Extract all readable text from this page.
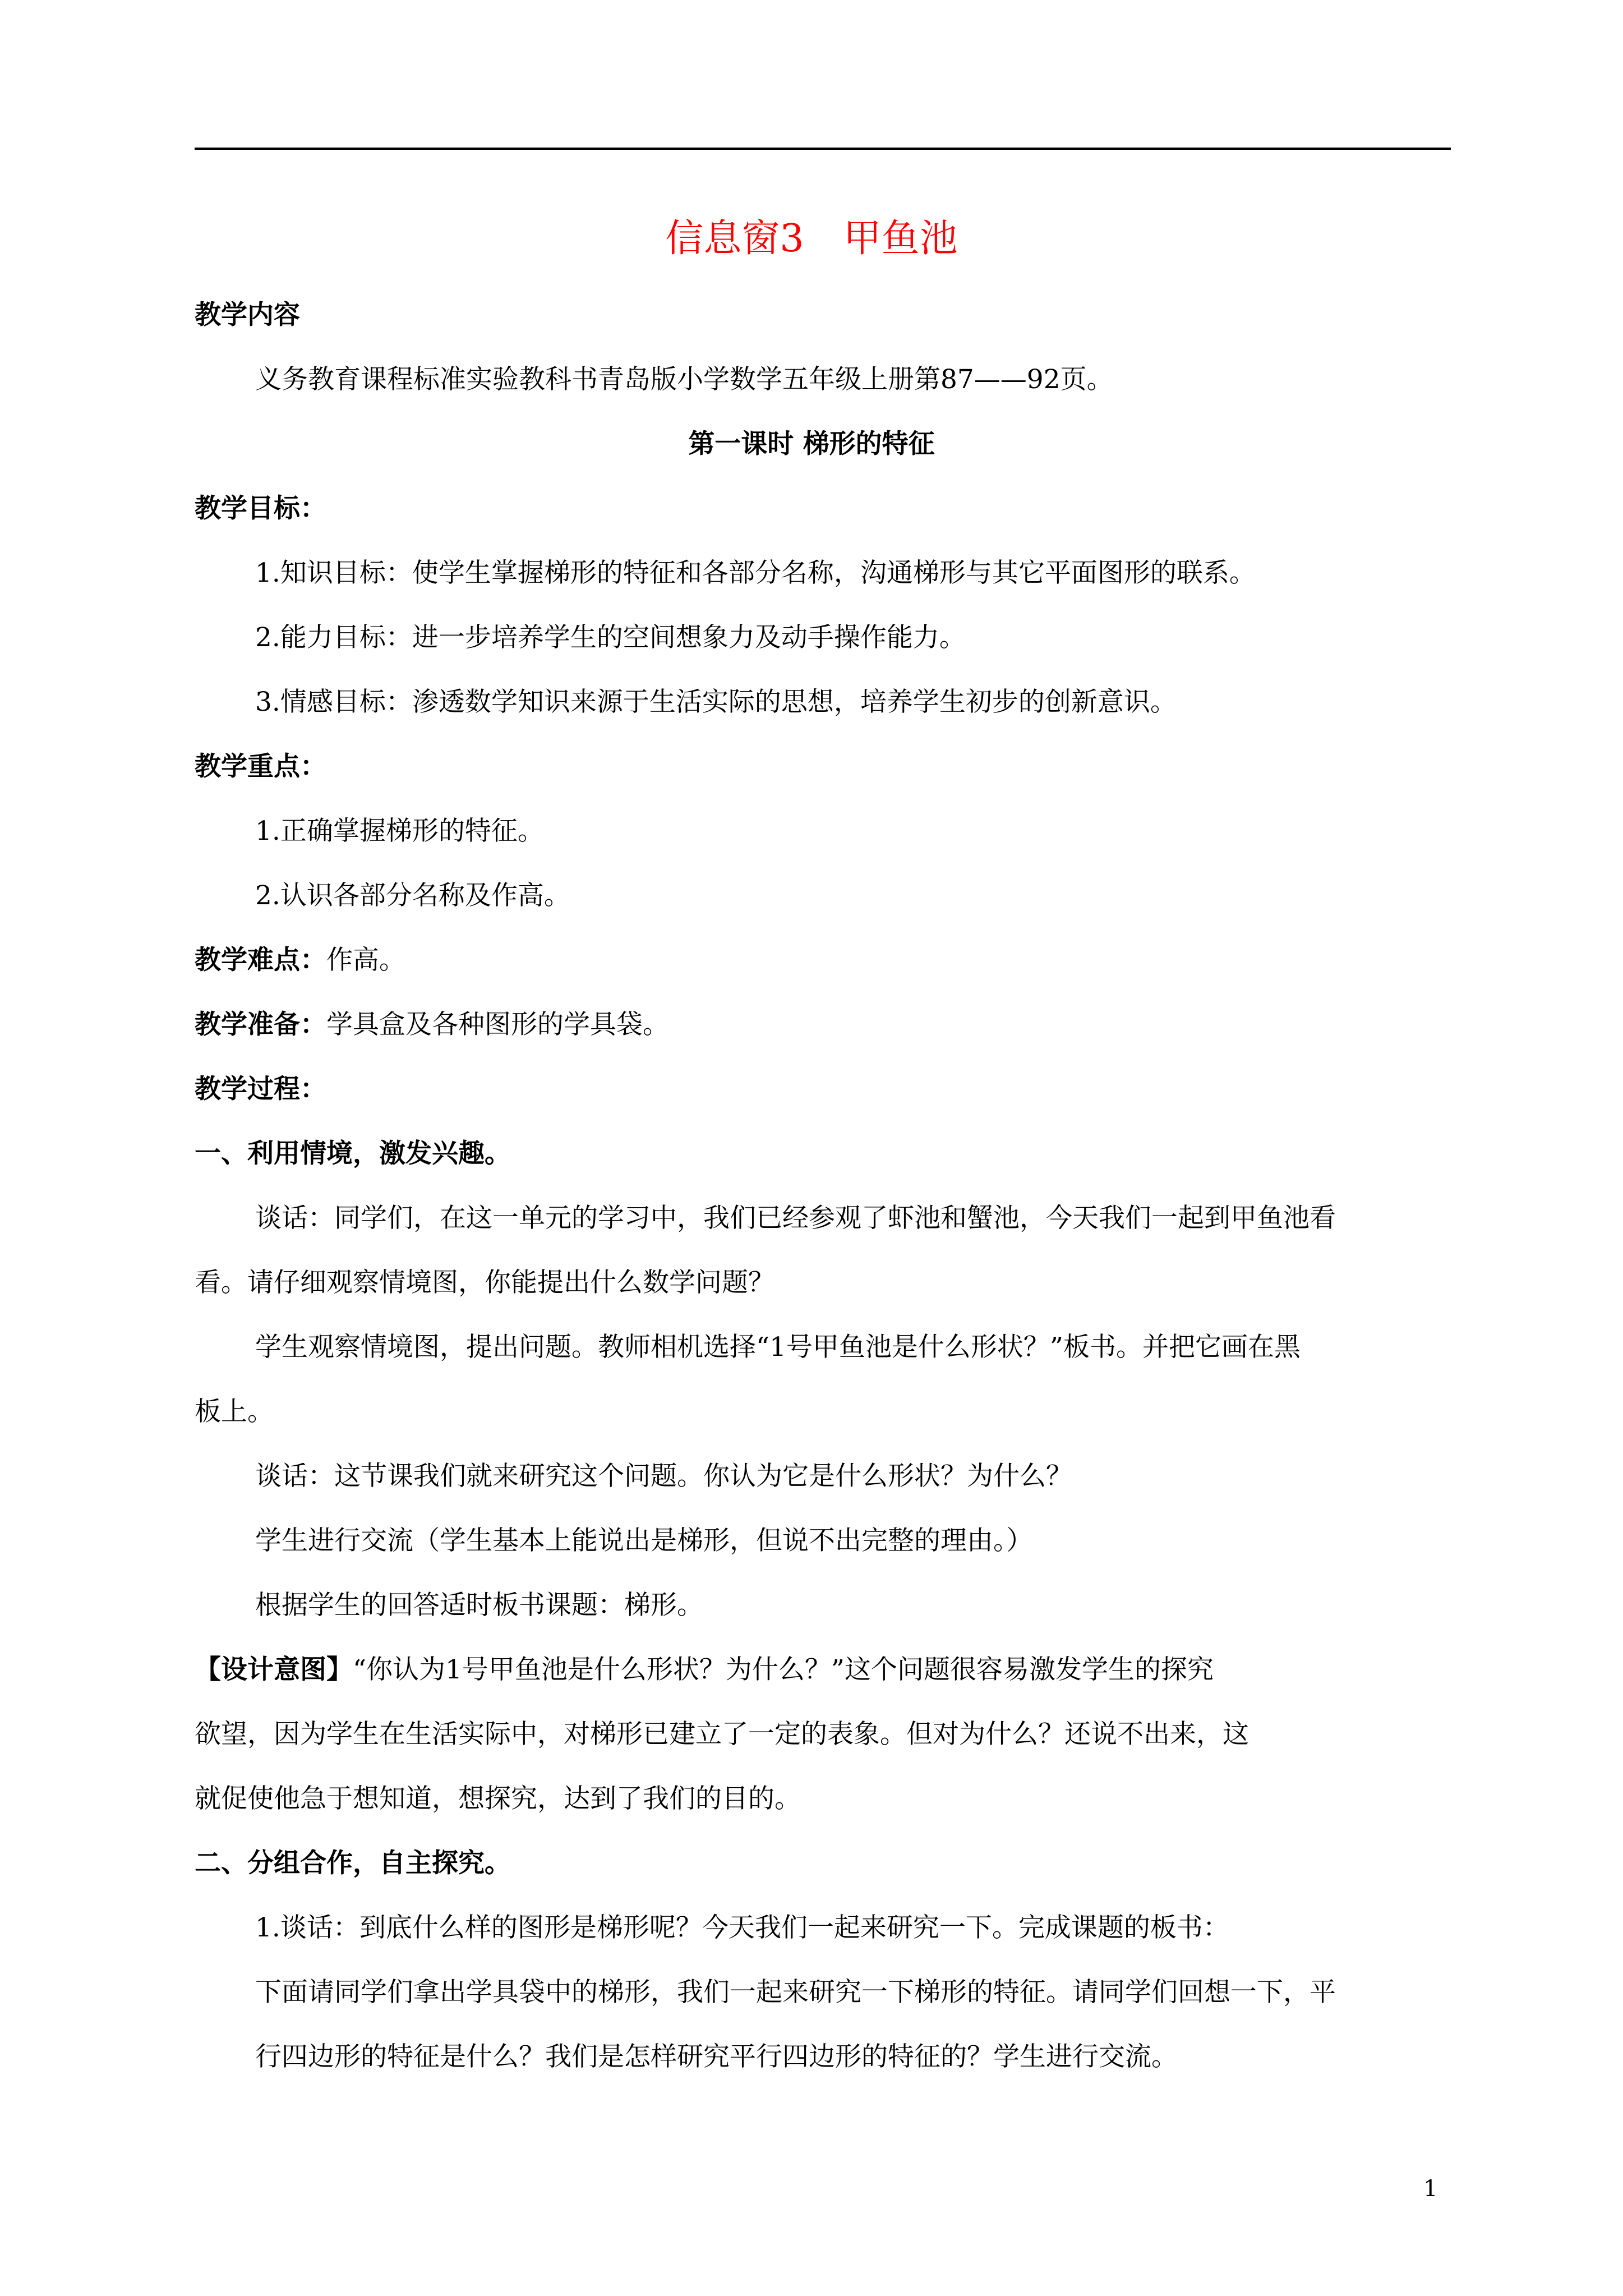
信息窗3 甲鱼池
教学内容
义务教育课程标准实验教科书青岛版小学数学五年级上册第87——92页。
第一课时 梯形的特征
教学目标：
1.知识目标：使学生掌握梯形的特征和各部分名称，沟通梯形与其它平面图形的联系。
2.能力目标：进一步培养学生的空间想象力及动手操作能力。
3.情感目标：渗透数学知识来源于生活实际的思想，培养学生初步的创新意识。
教学重点：
1.正确掌握梯形的特征。
2.认识各部分名称及作高。
教学难点：作高。
教学准备：学具盒及各种图形的学具袋。
教学过程：
一、利用情境，激发兴趣。
谈话：同学们，在这一单元的学习中，我们已经参观了虾池和蟹池，今天我们一起到甲鱼池看
看。请仔细观察情境图，你能提出什么数学问题？
学生观察情境图，提出问题。教师相机选择“1号甲鱼池是什么形状？”板书。并把它画在黑
板上。
谈话：这节课我们就来研究这个问题。你认为它是什么形状？为什么？
学生进行交流（学生基本上能说出是梯形，但说不出完整的理由。）
根据学生的回答适时板书课题：梯形。
【设计意图】“你认为1号甲鱼池是什么形状？为什么？”这个问题很容易激发学生的探究
欲望，因为学生在生活实际中，对梯形已建立了一定的表象。但对为什么？还说不出来，这
就促使他急于想知道，想探究，达到了我们的目的。
二、分组合作，自主探究。
1.谈话：到底什么样的图形是梯形呢？今天我们一起来研究一下。完成课题的板书：
下面请同学们拿出学具袋中的梯形，我们一起来研究一下梯形的特征。请同学们回想一下，平
行四边形的特征是什么？我们是怎样研究平行四边形的特征的？学生进行交流。
1
